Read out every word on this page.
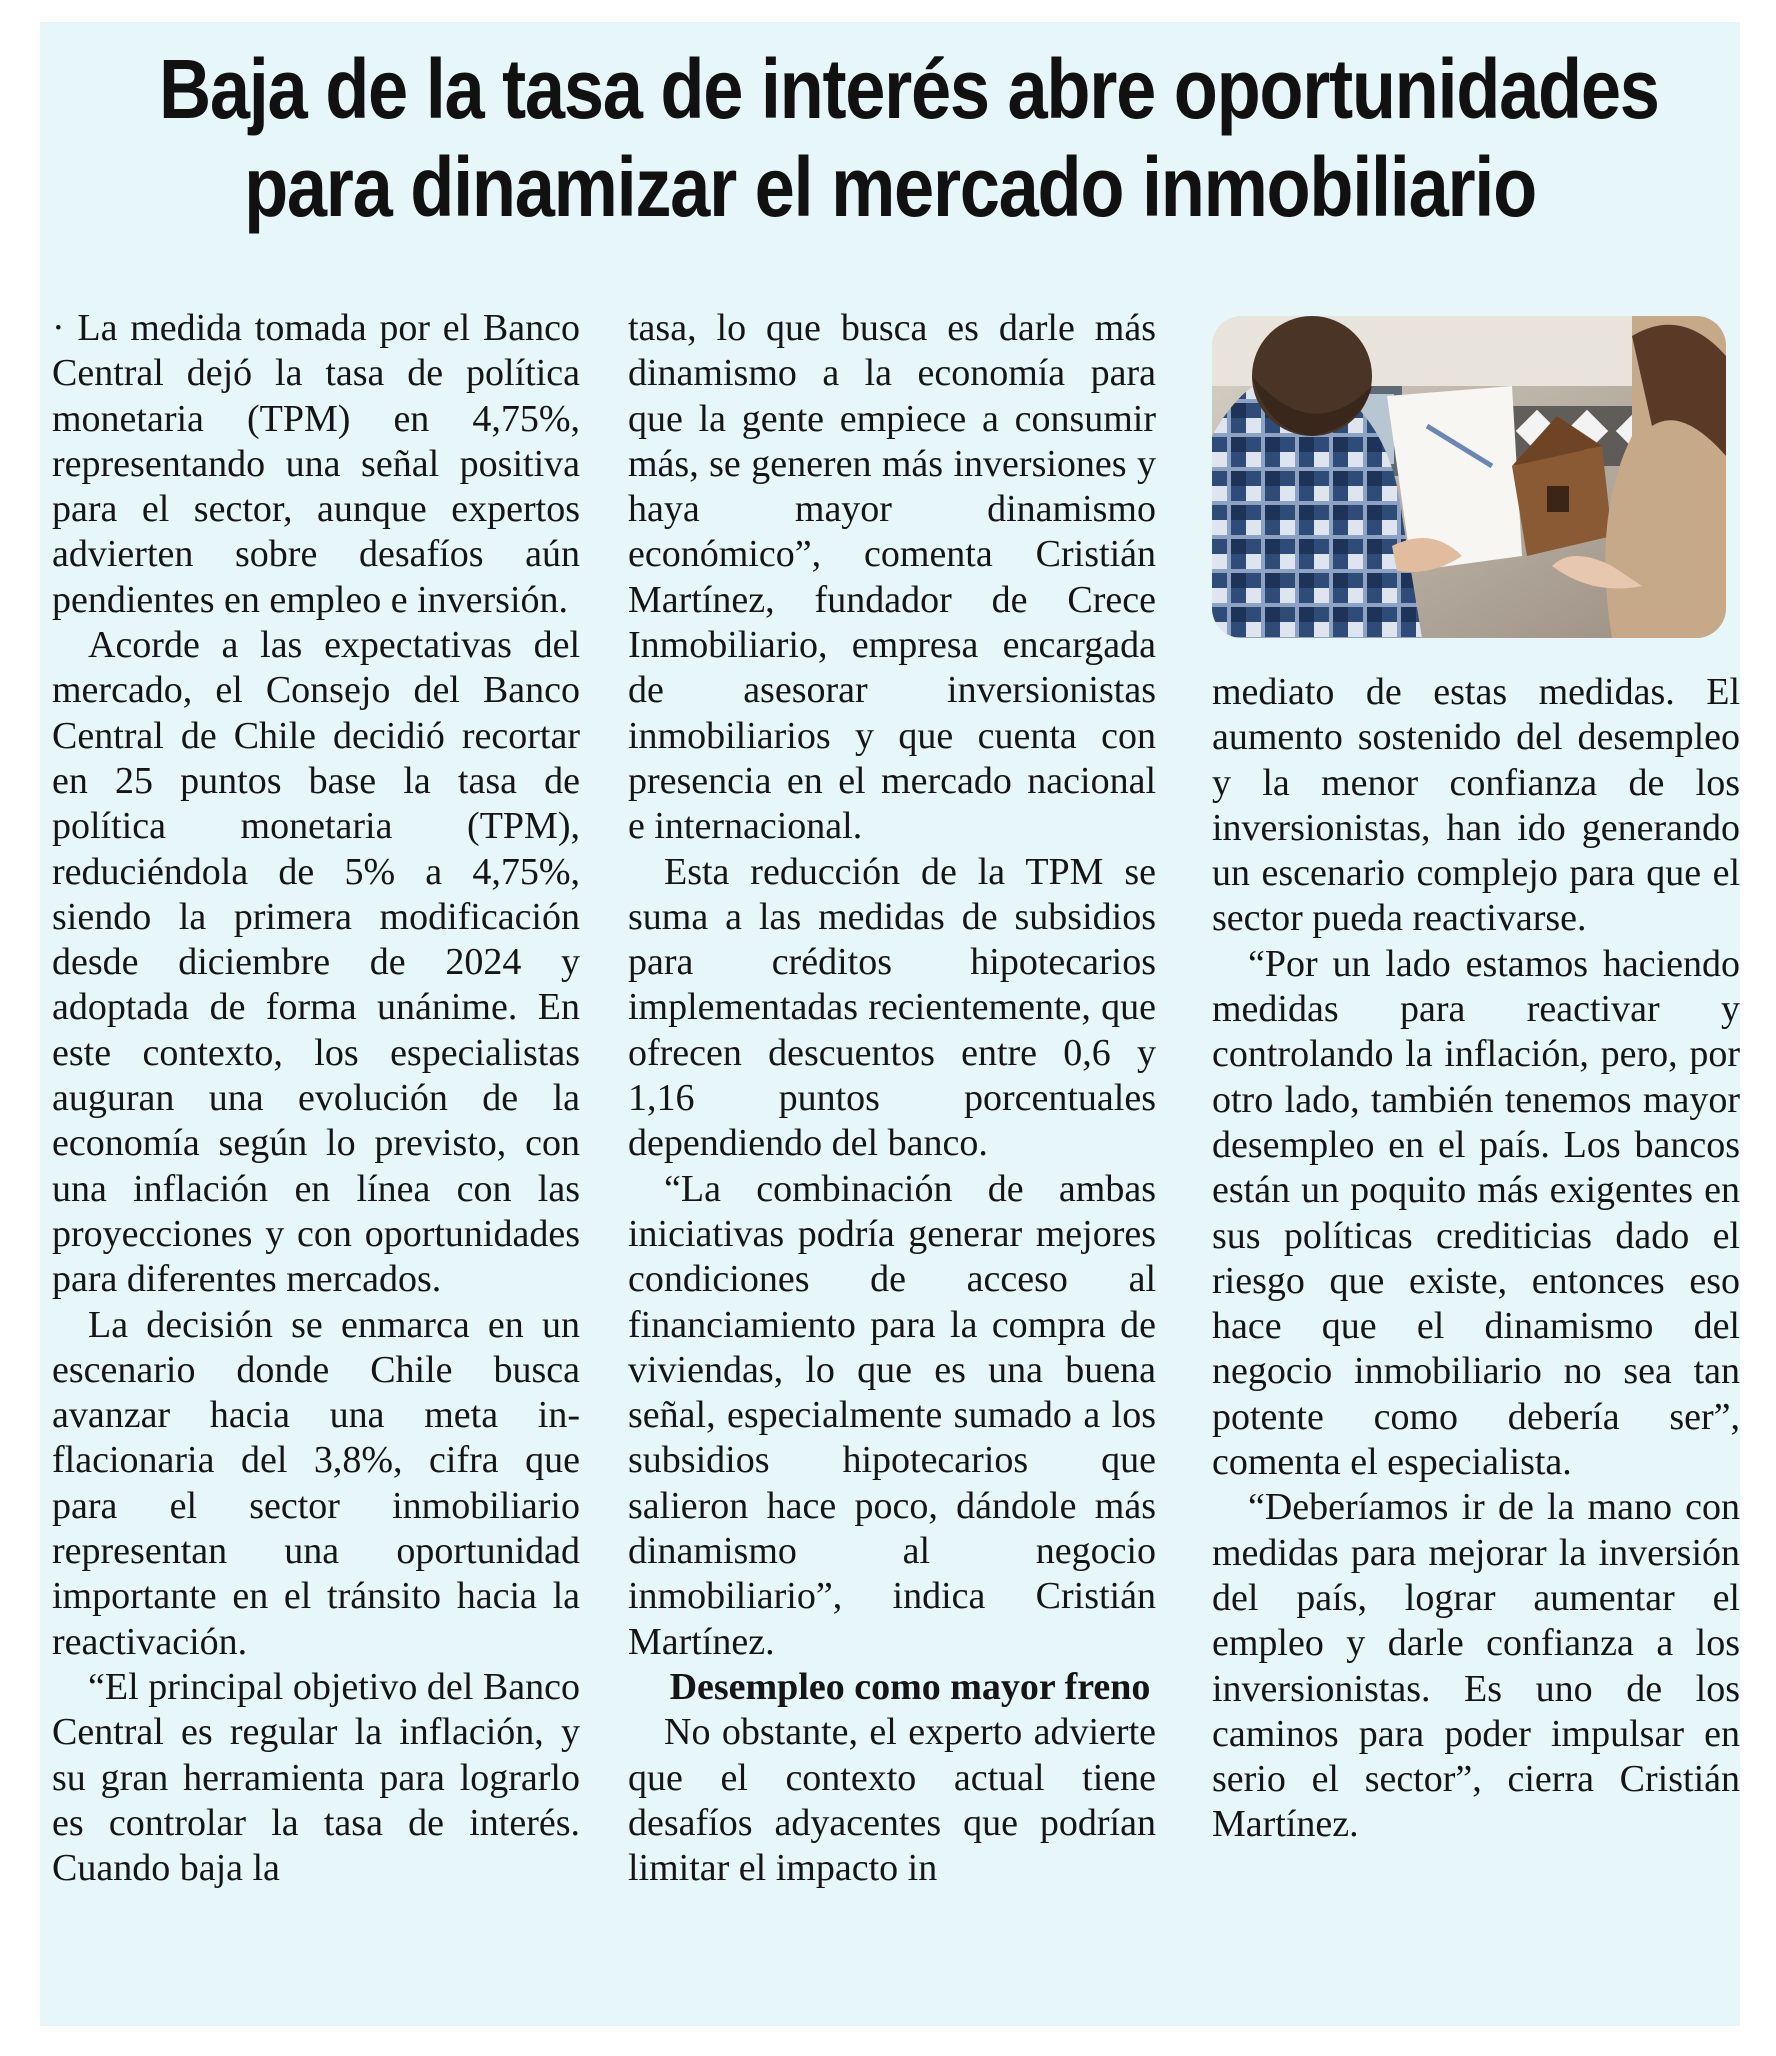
Baja de la tasa de interés abre oportunidades
para dinamizar el mercado inmobiliario

· La medida tomada por el Banco Central dejó la tasa de política monetaria (TPM) en 4,75%, representando una señal positiva para el sector, aunque expertos advierten sobre desafíos aún pendientes en empleo e inversión.

Acorde a las expectativas del mercado, el Consejo del Banco Central de Chile decidió recortar en 25 puntos base la tasa de política monetaria (TPM), reduciéndola de 5% a 4,75%, siendo la primera modificación desde diciembre de 2024 y adoptada de forma unánime. En este contexto, los especialistas auguran una evolución de la economía según lo previsto, con una inflación en línea con las proyecciones y con oportunidades para diferentes mercados.

La decisión se enmarca en un escenario donde Chile busca avanzar hacia una meta inflacionaria del 3,8%, cifra que para el sector inmobiliario representan una oportunidad importante en el tránsito hacia la reactivación.

“El principal objetivo del Banco Central es regular la inflación, y su gran herramienta para lograrlo es controlar la tasa de interés. Cuando baja la

tasa, lo que busca es darle más dinamismo a la economía para que la gente empiece a consumir más, se generen más inversiones y haya mayor dinamismo económico”, comenta Cristián Martínez, fundador de Crece Inmobiliario, empresa encargada de asesorar inversionistas inmobiliarios y que cuenta con presencia en el mercado nacional e internacional.

Esta reducción de la TPM se suma a las medidas de subsidios para créditos hipotecarios implementadas recientemente, que ofrecen descuentos entre 0,6 y 1,16 puntos porcentuales dependiendo del banco.

“La combinación de ambas iniciativas podría generar mejores condiciones de acceso al financiamiento para la compra de viviendas, lo que es una buena señal, especialmente sumado a los subsidios hipotecarios que salieron hace poco, dándole más dinamismo al negocio inmobiliario”, indica Cristián Martínez.

Desempleo como mayor freno

No obstante, el experto advierte que el contexto actual tiene desafíos adyacentes que podrían limitar el impacto in

mediato de estas medidas. El aumento sostenido del desempleo y la menor confianza de los inversionistas, han ido generando un escenario complejo para que el sector pueda reactivarse.

“Por un lado estamos haciendo medidas para reactivar y controlando la inflación, pero, por otro lado, también tenemos mayor desempleo en el país. Los bancos están un poquito más exigentes en sus políticas crediticias dado el riesgo que existe, entonces eso hace que el dinamismo del negocio inmobiliario no sea tan potente como debería ser”, comenta el especialista.

“Deberíamos ir de la mano con medidas para mejorar la inversión del país, lograr aumentar el empleo y darle confianza a los inversionistas. Es uno de los caminos para poder impulsar en serio el sector”, cierra Cristián Martínez.
